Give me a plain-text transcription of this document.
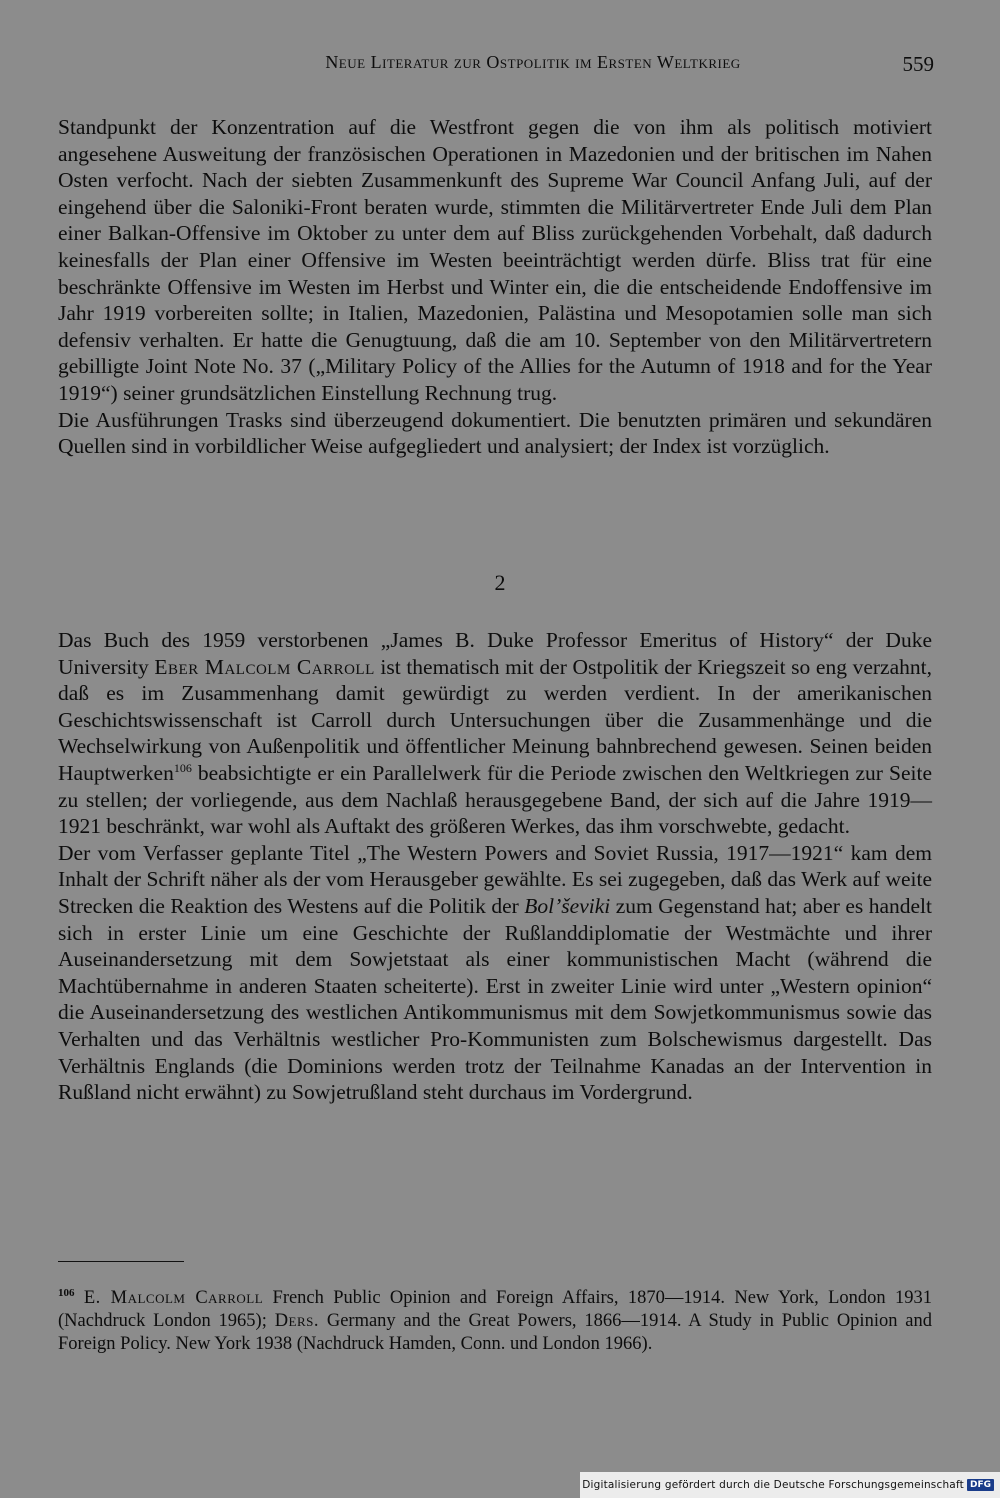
Neue Literatur zur Ostpolitik im Ersten Weltkrieg	559

Standpunkt der Konzentration auf die Westfront gegen die von ihm als politisch motiviert angesehene Ausweitung der französischen Operationen in Mazedonien und der britischen im Nahen Osten verfocht. Nach der siebten Zusammenkunft des Supreme War Council Anfang Juli, auf der eingehend über die Saloniki-Front beraten wurde, stimmten die Militärvertreter Ende Juli dem Plan einer Balkan-Offensive im Oktober zu unter dem auf Bliss zurückgehenden Vorbehalt, daß dadurch keinesfalls der Plan einer Offensive im Westen beeinträchtigt werden dürfe. Bliss trat für eine beschränkte Offensive im Westen im Herbst und Winter ein, die die entscheidende Endoffensive im Jahr 1919 vorbereiten sollte; in Italien, Mazedonien, Palästina und Mesopotamien solle man sich defensiv verhalten. Er hatte die Genugtuung, daß die am 10. September von den Militärvertretern gebilligte Joint Note No. 37 („Military Policy of the Allies for the Autumn of 1918 and for the Year 1919“) seiner grundsätzlichen Einstellung Rechnung trug.

Die Ausführungen Trasks sind überzeugend dokumentiert. Die benutzten primären und sekundären Quellen sind in vorbildlicher Weise aufgegliedert und analysiert; der Index ist vorzüglich.

2

Das Buch des 1959 verstorbenen „James B. Duke Professor Emeritus of History“ der Duke University Eber Malcolm Carroll ist thematisch mit der Ostpolitik der Kriegszeit so eng verzahnt, daß es im Zusammenhang damit gewürdigt zu werden verdient. In der amerikanischen Geschichtswissenschaft ist Carroll durch Untersuchungen über die Zusammenhänge und die Wechselwirkung von Außenpolitik und öffentlicher Meinung bahnbrechend gewesen. Seinen beiden Hauptwerken$^{106}$ beabsichtigte er ein Parallelwerk für die Periode zwischen den Weltkriegen zur Seite zu stellen; der vorliegende, aus dem Nachlaß herausgegebene Band, der sich auf die Jahre 1919—1921 beschränkt, war wohl als Auftakt des größeren Werkes, das ihm vorschwebte, gedacht.

Der vom Verfasser geplante Titel „The Western Powers and Soviet Russia, 1917—1921“ kam dem Inhalt der Schrift näher als der vom Herausgeber gewählte. Es sei zugegeben, daß das Werk auf weite Strecken die Reaktion des Westens auf die Politik der Bol’ševiki zum Gegenstand hat; aber es handelt sich in erster Linie um eine Geschichte der Rußlanddiplomatie der Westmächte und ihrer Auseinandersetzung mit dem Sowjetstaat als einer kommunistischen Macht (während die Machtübernahme in anderen Staaten scheiterte). Erst in zweiter Linie wird unter „Western opinion“ die Auseinandersetzung des westlichen Antikommunismus mit dem Sowjetkommunismus sowie das Verhalten und das Verhältnis westlicher Pro-Kommunisten zum Bolschewismus dargestellt. Das Verhältnis Englands (die Dominions werden trotz der Teilnahme Kanadas an der Intervention in Rußland nicht erwähnt) zu Sowjetrußland steht durchaus im Vordergrund.

$^{106}$ E. Malcolm Carroll French Public Opinion and Foreign Affairs, 1870—1914. New York, London 1931 (Nachdruck London 1965); Ders. Germany and the Great Powers, 1866—1914. A Study in Public Opinion and Foreign Policy. New York 1938 (Nachdruck Hamden, Conn. und London 1966).

Digitalisierung gefördert durch die Deutsche Forschungsgemeinschaft DFG
